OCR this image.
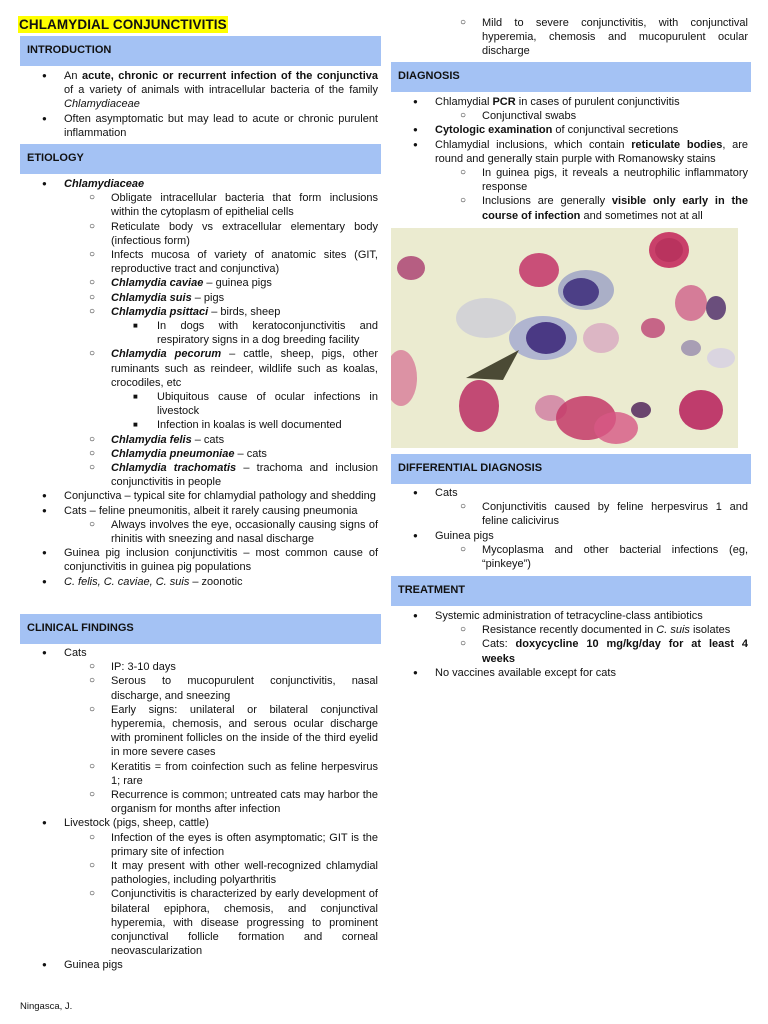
CHLAMYDIAL CONJUNCTIVITIS
INTRODUCTION
● An acute, chronic or recurrent infection of the conjunctiva of a variety of animals with intracellular bacteria of the family Chlamydiaceae
● Often asymptomatic but may lead to acute or chronic purulent inflammation
ETIOLOGY
● Chlamydiaceae
○ Obligate intracellular bacteria that form inclusions within the cytoplasm of epithelial cells
○ Reticulate body vs extracellular elementary body (infectious form)
○ Infects mucosa of variety of anatomic sites (GIT, reproductive tract and conjunctiva)
○ Chlamydia caviae – guinea pigs
○ Chlamydia suis – pigs
○ Chlamydia psittaci – birds, sheep
■ In dogs with keratoconjunctivitis and respiratory signs in a dog breeding facility
○ Chlamydia pecorum – cattle, sheep, pigs, other ruminants such as reindeer, wildlife such as koalas, crocodiles, etc
■ Ubiquitous cause of ocular infections in livestock
■ Infection in koalas is well documented
○ Chlamydia felis – cats
○ Chlamydia pneumoniae – cats
○ Chlamydia trachomatis – trachoma and inclusion conjunctivitis in people
● Conjunctiva – typical site for chlamydial pathology and shedding
● Cats – feline pneumonitis, albeit it rarely causing pneumonia
○ Always involves the eye, occasionally causing signs of rhinitis with sneezing and nasal discharge
● Guinea pig inclusion conjunctivitis – most common cause of conjunctivitis in guinea pig populations
● C. felis, C. caviae, C. suis – zoonotic
CLINICAL FINDINGS
● Cats
○ IP: 3-10 days
○ Serous to mucopurulent conjunctivitis, nasal discharge, and sneezing
○ Early signs: unilateral or bilateral conjunctival hyperemia, chemosis, and serous ocular discharge with prominent follicles on the inside of the third eyelid in more severe cases
○ Keratitis = from coinfection such as feline herpesvirus 1; rare
○ Recurrence is common; untreated cats may harbor the organism for months after infection
● Livestock (pigs, sheep, cattle)
○ Infection of the eyes is often asymptomatic; GIT is the primary site of infection
○ It may present with other well-recognized chlamydial pathologies, including polyarthritis
○ Conjunctivitis is characterized by early development of bilateral epiphora, chemosis, and conjunctival hyperemia, with disease progressing to prominent conjunctival follicle formation and corneal neovascularization
● Guinea pigs
○ Mild to severe conjunctivitis, with conjunctival hyperemia, chemosis and mucopurulent ocular discharge
DIAGNOSIS
● Chlamydial PCR in cases of purulent conjunctivitis
○ Conjunctival swabs
● Cytologic examination of conjunctival secretions
● Chlamydial inclusions, which contain reticulate bodies, are round and generally stain purple with Romanowsky stains
○ In guinea pigs, it reveals a neutrophilic inflammatory response
○ Inclusions are generally visible only early in the course of infection and sometimes not at all
DIFFERENTIAL DIAGNOSIS
● Cats
○ Conjunctivitis caused by feline herpesvirus 1 and feline calicivirus
● Guinea pigs
○ Mycoplasma and other bacterial infections (eg, “pinkeye”)
TREATMENT
● Systemic administration of tetracycline-class antibiotics
○ Resistance recently documented in C. suis isolates
○ Cats: doxycycline 10 mg/kg/day for at least 4 weeks
● No vaccines available except for cats
Ningasca, J.
